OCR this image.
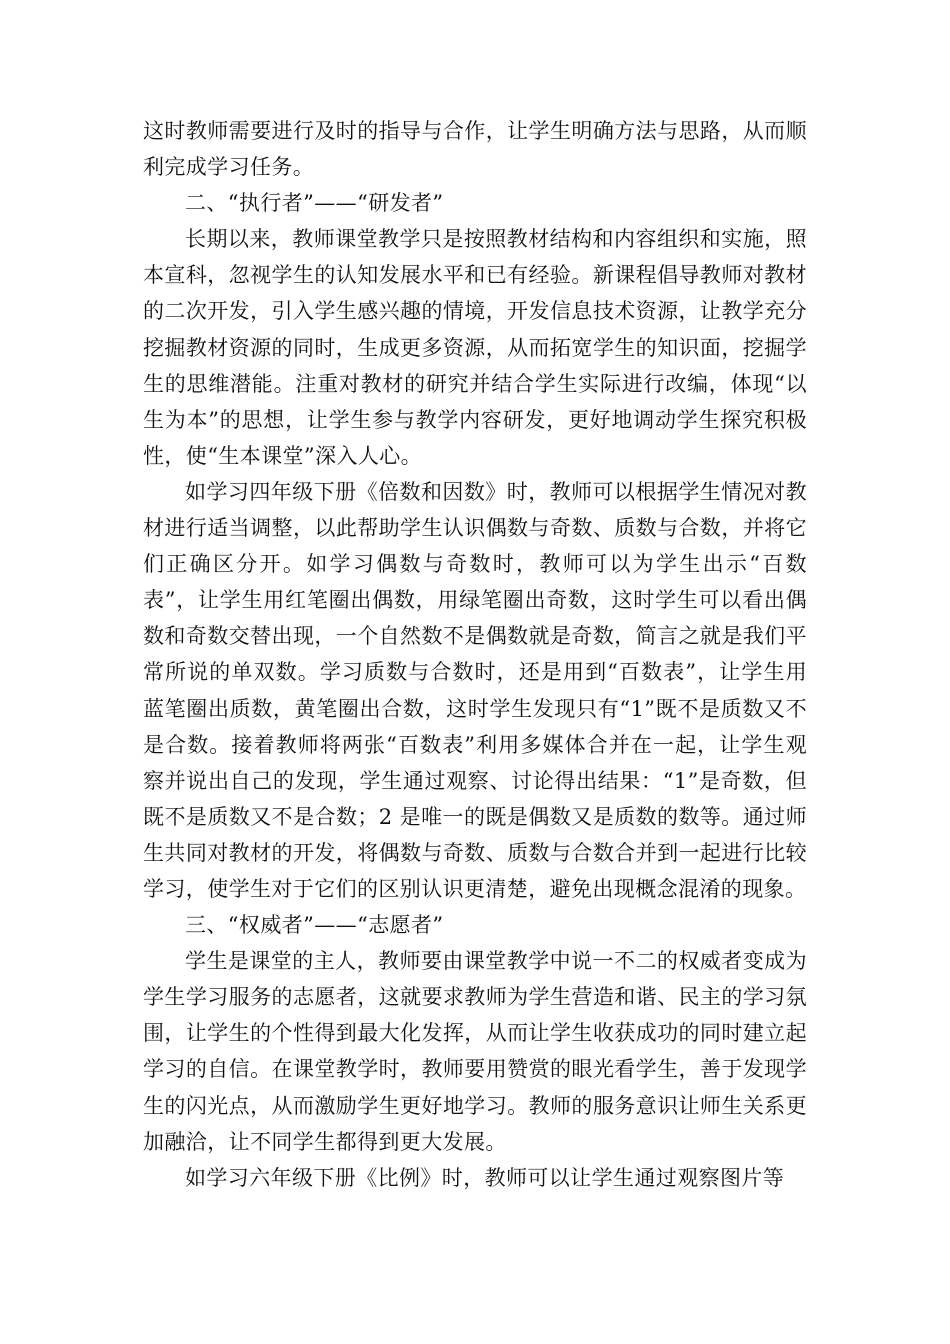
这时教师需要进行及时的指导与合作，让学生明确方法与思路，从而顺利完成学习任务。

二、“执行者”——“研发者”

长期以来，教师课堂教学只是按照教材结构和内容组织和实施，照本宣科，忽视学生的认知发展水平和已有经验。新课程倡导教师对教材的二次开发，引入学生感兴趣的情境，开发信息技术资源，让教学充分挖掘教材资源的同时，生成更多资源，从而拓宽学生的知识面，挖掘学生的思维潜能。注重对教材的研究并结合学生实际进行改编，体现“以生为本”的思想，让学生参与教学内容研发，更好地调动学生探究积极性，使“生本课堂”深入人心。

如学习四年级下册《倍数和因数》时，教师可以根据学生情况对教材进行适当调整，以此帮助学生认识偶数与奇数、质数与合数，并将它们正确区分开。如学习偶数与奇数时，教师可以为学生出示“百数表”，让学生用红笔圈出偶数，用绿笔圈出奇数，这时学生可以看出偶数和奇数交替出现，一个自然数不是偶数就是奇数，简言之就是我们平常所说的单双数。学习质数与合数时，还是用到“百数表”，让学生用蓝笔圈出质数，黄笔圈出合数，这时学生发现只有“1”既不是质数又不是合数。接着教师将两张“百数表”利用多媒体合并在一起，让学生观察并说出自己的发现，学生通过观察、讨论得出结果：“1”是奇数，但既不是质数又不是合数；2 是唯一的既是偶数又是质数的数等。通过师生共同对教材的开发，将偶数与奇数、质数与合数合并到一起进行比较学习，使学生对于它们的区别认识更清楚，避免出现概念混淆的现象。

三、“权威者”——“志愿者”

学生是课堂的主人，教师要由课堂教学中说一不二的权威者变成为学生学习服务的志愿者，这就要求教师为学生营造和谐、民主的学习氛围，让学生的个性得到最大化发挥，从而让学生收获成功的同时建立起学习的自信。在课堂教学时，教师要用赞赏的眼光看学生，善于发现学生的闪光点，从而激励学生更好地学习。教师的服务意识让师生关系更加融洽，让不同学生都得到更大发展。

如学习六年级下册《比例》时，教师可以让学生通过观察图片等
